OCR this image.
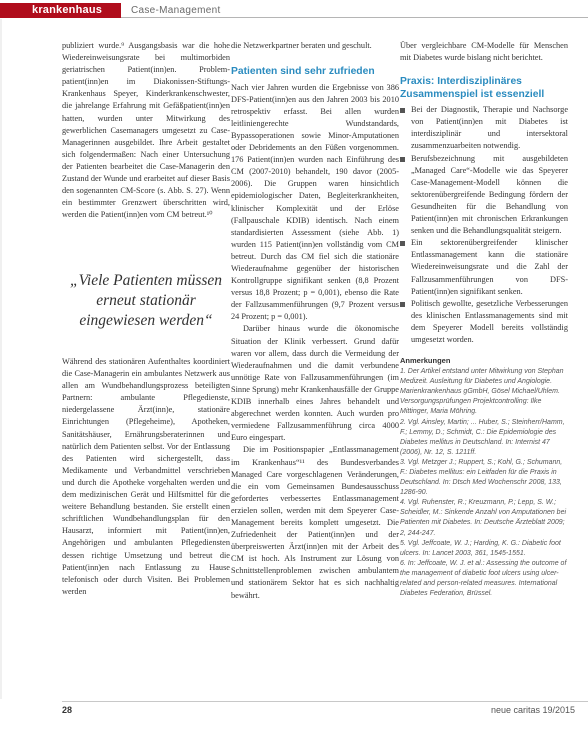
krankenhaus	Case-Management

publiziert wurde.⁹ Ausgangsbasis war die hohe Wiedereinweisungsrate bei multimorbiden geriatrischen Patient(inn)en. Problempatient(inn)en im Diakonissen-Stiftungs-Krankenhaus Speyer, Kinderkrankenschwester, die jahrelange Erfahrung mit Gefäßpatient(inn)en hatten, wurden unter Mitwirkung des gewerblichen Casemanagers umgesetzt zu Case-Managerinnen ausgebildet. Ihre Arbeit gestaltet sich folgendermaßen: Nach einer Untersuchung der Patienten bearbeitet die Case-Managerin den Zustand der Wunde und erarbeitet auf dieser Basis den sogenannten CM-Score (s. Abb. S. 27). Wenn ein bestimmter Grenzwert überschritten wird, werden die Patient(inn)en vom CM betreut.¹⁰

Während des stationären Aufenthaltes koordiniert die Case-Managerin ein ambulantes Netzwerk aus allen am Wundbehandlungsprozess beteiligten Partnern: ambulante Pflegedienste, niedergelassene Ärzt(inn)e, stationäre Einrichtungen (Pflegeheime), Apotheken, Sanitätshäuser, Ernährungsberaterinnen und natürlich dem Patienten selbst. Vor der Entlassung des Patienten wird sichergestellt, dass Medikamente und Verbandmittel verschrieben und durch die Apotheke vorgehalten werden und dem medizinischen Gerät und Hilfsmittel für die weitere Behandlung bestanden. Sie erstellt einen schriftlichen Wundbehandlungsplan für den Hausarzt, informiert mit Patient(inn)en, Angehörigen und ambulanten Pflegediensten dessen richtige Umsetzung und betreut die Patient(inn)en nach Entlassung zu Hause telefonisch oder durch Visiten. Bei Problemen werden

„Viele Patienten müssen erneut stationär eingewiesen werden“

die Netzwerkpartner beraten und geschult.

Patienten sind sehr zufrieden

Nach vier Jahren wurden die Ergebnisse von 386 DFS-Patient(inn)en aus den Jahren 2003 bis 2010 retrospektiv erfasst. Bei allen wurden leitliniengerechte Wundstandards, Bypassoperationen sowie Minor-Amputationen oder Debridements an den Füßen vorgenommen. 176 Patient(inn)en wurden nach Einführung des CM (2007-2010) behandelt, 190 davor (2005-2006). Die Gruppen waren hinsichtlich epidemiologischer Daten, Begleiterkrankheiten, klinischer Komplexität und der Erlöse (Fallpauschale KDIB) identisch. Nach einem standardisierten Assessment (siehe Abb. 1) wurden 115 Patient(inn)en vollständig vom CM betreut. Durch das CM fiel sich die stationäre Wiederaufnahme gegenüber der historischen Kontrollgruppe signifikant senken (8,8 Prozent versus 18,8 Prozent; p = 0,001), ebenso die Rate der Fallzusammenführungen (9,7 Prozent versus 24 Prozent; p = 0,001).

Darüber hinaus wurde die ökonomische Situation der Klinik verbessert. Grund dafür waren vor allem, dass durch die Vermeidung der Wiederaufnahmen und die damit verbundene unnötige Rate von Fallzusammenführungen (im Sinne Sprung) mehr Krankenhausfälle der Gruppe KDIB innerhalb eines Jahres behandelt und abgerechnet werden konnten. Auch wurden pro vermiedene Fallzusammenführung circa 4000 Euro eingespart.

Die im Positionspapier „Entlassmanagement im Krankenhaus“¹¹ des Bundesverbandes Managed Care vorgeschlagenen Veränderungen, die ein vom Gemeinsamen Bundesausschuss gefordertes verbessertes Entlassmanagement erzielen sollen, werden mit dem Speyerer Case-Management bereits komplett umgesetzt. Die Zufriedenheit der Patient(inn)en und der überpreiswerten Ärzt(inn)en mit der Arbeit des CM ist hoch. Als Instrument zur Lösung von Schnittstellenproblemen zwischen ambulantem und stationärem Sektor hat es sich nachhaltig bewährt.

Über vergleichbare CM-Modelle für Menschen mit Diabetes wurde bislang nicht berichtet.

Praxis: Interdisziplinäres Zusammenspiel ist essenziell
Bei der Diagnostik, Therapie und Nachsorge von Patient(inn)en mit Diabetes ist interdisziplinär und intersektoral zusammenzuarbeiten notwendig.
Berufsbezeichnung mit ausgebildeten „Managed Care“-Modelle wie das Speyerer Case-Management-Modell können die sektorenübergreifende Bedingung fördern der Gesundheiten für die Behandlung von Patient(inn)en mit chronischen Erkrankungen senken und die Behandlungsqualität steigern.
Ein sektorenübergreifender klinischer Entlassmanagement kann die stationäre Wiedereinweisungsrate und die Zahl der Fallzusammenführungen von DFS-Patient(inn)en signifikant senken.
Politisch gewollte, gesetzliche Verbesserungen des klinischen Entlassmanagements sind mit dem Speyerer Modell bereits vollständig umgesetzt worden.
Anmerkungen

1. Der Artikel entstand unter Mitwirkung von Stephan Medizeit. Ausleitung für Diabetes und Angiologie. Marienkrankenhaus gGmbH, Gösel Michael/Uhlem. Versorgungsprüfungen Projektcontrolling: Ilke Mittinger, Maria Möhring.

2. Vgl. Ainsley, Martin; ... Huber, S.; Steinherr/Hamm, F.; Lemmy, D.; Schmidt, C.: Die Epidemiologie des Diabetes mellitus in Deutschland. In: Internist 47 (2006), Nr. 12, S. 1211ff.

3. Vgl. Metzger J.; Ruppert, S.; Kohl, G.; Schumann, F.: Diabetes mellitus: ein Leitfaden für die Praxis in Deutschland. In: Dtsch Med Wochenschr 2008, 133, 1286-90.

4. Vgl. Ruhenster, R.; Kreuzmann, P.; Lepp, S. W.; Scheidler, M.: Sinkende Anzahl von Amputationen bei Patienten mit Diabetes. In: Deutsche Ärzteblatt 2009; 2, 244-247.

5. Vgl. Jeffcoate, W. J.; Harding, K. G.: Diabetic foot ulcers. In: Lancet 2003, 361, 1545-1551.

6. In: Jeffcoate, W. J. et al.: Assessing the outcome of the management of diabetic foot ulcers using ulcer-related and person-related measures. International Diabetes Federation, Brüssel.

28	neue caritas 19/2015
